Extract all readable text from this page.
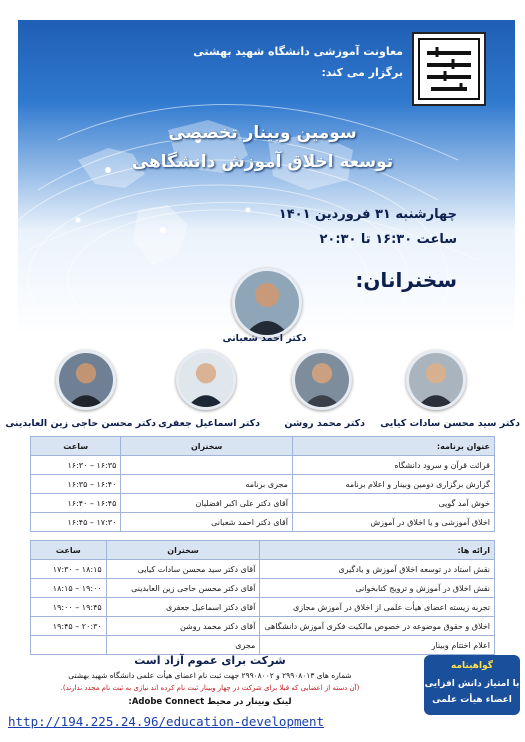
معاونت آموزشی دانشگاه شهید بهشتی
برگزار می کند:
سومین وبینار تخصصی
توسعه اخلاق آموزش دانشگاهی
چهارشنبه ۳۱ فروردین ۱۴۰۱
ساعت ۱۶:۳۰ تا ۲۰:۳۰
سخنرانان:
دکتر احمد شعبانی
دکتر سید محسن سادات کیایی
دکتر محمد روشن
دکتر اسماعیل جعفری
دکتر محسن حاجی زین العابدینی
عنوان برنامه:	سخنران	ساعت
قرائت قرآن و سرود دانشگاه		۱۶:۳۵ – ۱۶:۳۰
گزارش برگزاری دومین وبینار و اعلام برنامه	مجری برنامه	۱۶:۴۰ – ۱۶:۳۵
خوش آمد گویی	آقای دکتر علی اکبر افضلیان	۱۶:۴۵ – ۱۶:۴۰
اخلاق آموزشی و یا اخلاق در آموزش	آقای دکتر احمد شعبانی	۱۷:۳۰ – ۱۶:۴۵
ارائه ها:	سخنران	ساعت
نقش استاد در توسعه اخلاق آموزش و یادگیری	آقای دکتر سید محسن سادات کیایی	۱۸:۱۵ – ۱۷:۳۰
نقش اخلاق در آموزش و ترویج کتابخوانی	آقای دکتر محسن حاجی زین العابدینی	۱۹:۰۰ – ۱۸:۱۵
تجربه زیسته اعضای هیأت علمی از اخلاق در آموزش مجازی	آقای دکتر اسماعیل جعفری	۱۹:۴۵ – ۱۹:۰۰
اخلاق و حقوق موضوعه در خصوص مالکیت فکری آموزش دانشگاهی	آقای دکتر محمد روشن	۲۰:۳۰ – ۱۹:۴۵
اعلام اختتام وبینار	مجری	
شرکت برای عموم آزاد است
شماره های ۲۹۹۰۸۰۱۳ و ۲۹۹۰۸۰۰۲ جهت ثبت نام اعضای هیأت علمی دانشگاه شهید بهشتی
(آن دسته از اعضایی که قبلا برای شرکت در چهار وبینار ثبت نام کرده اند نیازی به ثبت نام مجدد ندارند).
لینک وبینار در محیط Adobe Connect:
گواهینامه
با امتیاز دانش افزایی
اعضاء هیأت علمی
http://194.225.24.96/education-development
